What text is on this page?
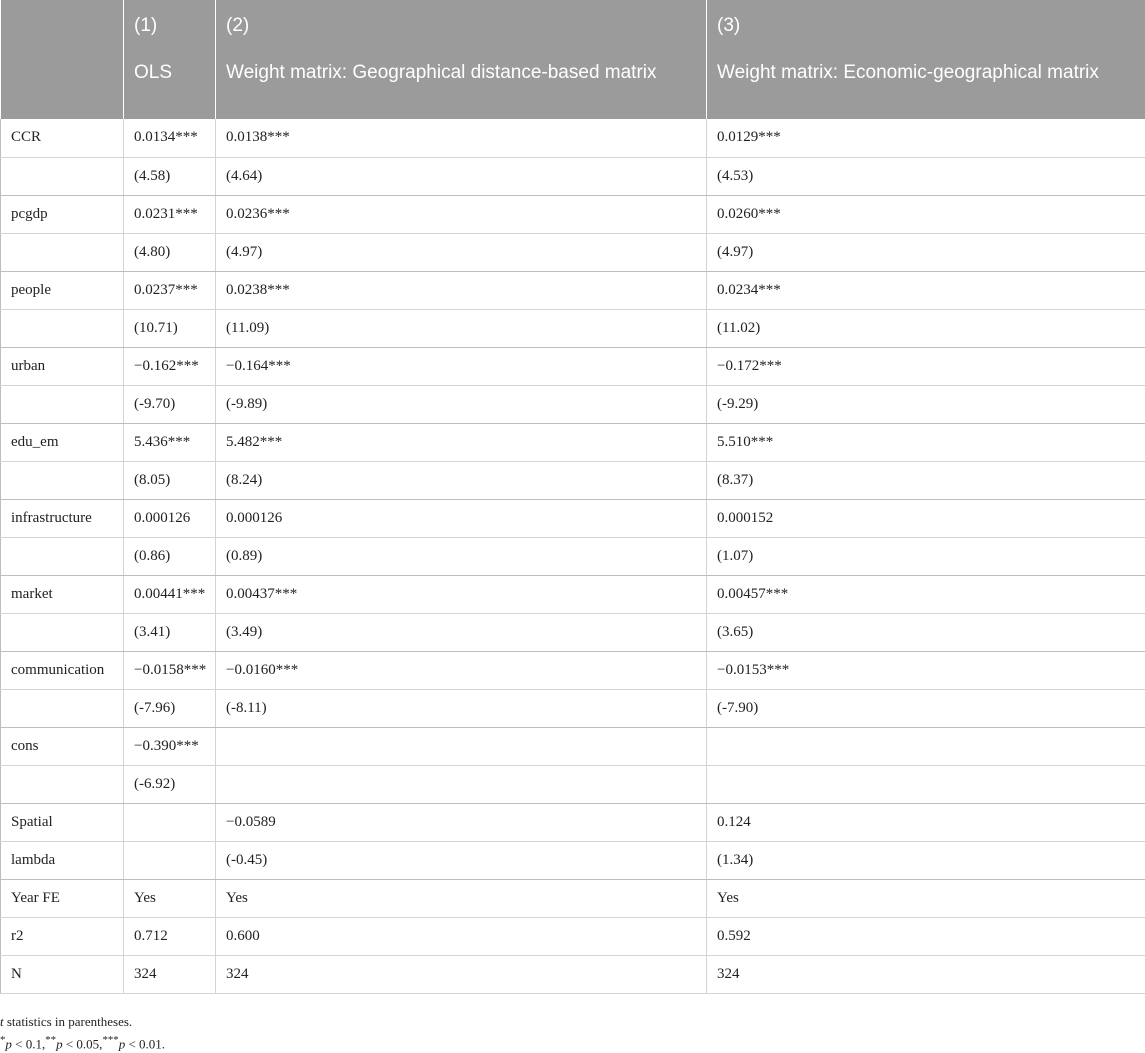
	(1)	(2)	(3)
	OLS	Weight matrix: Geographical distance-based matrix	Weight matrix: Economic-geographical matrix
CCR	0.0134***	0.0138***	0.0129***
	(4.58)	(4.64)	(4.53)
pcgdp	0.0231***	0.0236***	0.0260***
	(4.80)	(4.97)	(4.97)
people	0.0237***	0.0238***	0.0234***
	(10.71)	(11.09)	(11.02)
urban	−0.162***	−0.164***	−0.172***
	(-9.70)	(-9.89)	(-9.29)
edu_em	5.436***	5.482***	5.510***
	(8.05)	(8.24)	(8.37)
infrastructure	0.000126	0.000126	0.000152
	(0.86)	(0.89)	(1.07)
market	0.00441***	0.00437***	0.00457***
	(3.41)	(3.49)	(3.65)
communication	−0.0158***	−0.0160***	−0.0153***
	(-7.96)	(-8.11)	(-7.90)
cons	−0.390***		
	(-6.92)		
Spatial		−0.0589	0.124
lambda		(-0.45)	(1.34)
Year FE	Yes	Yes	Yes
r2	0.712	0.600	0.592
N	324	324	324
t statistics in parentheses.
*p < 0.1,**p < 0.05,***p < 0.01.
